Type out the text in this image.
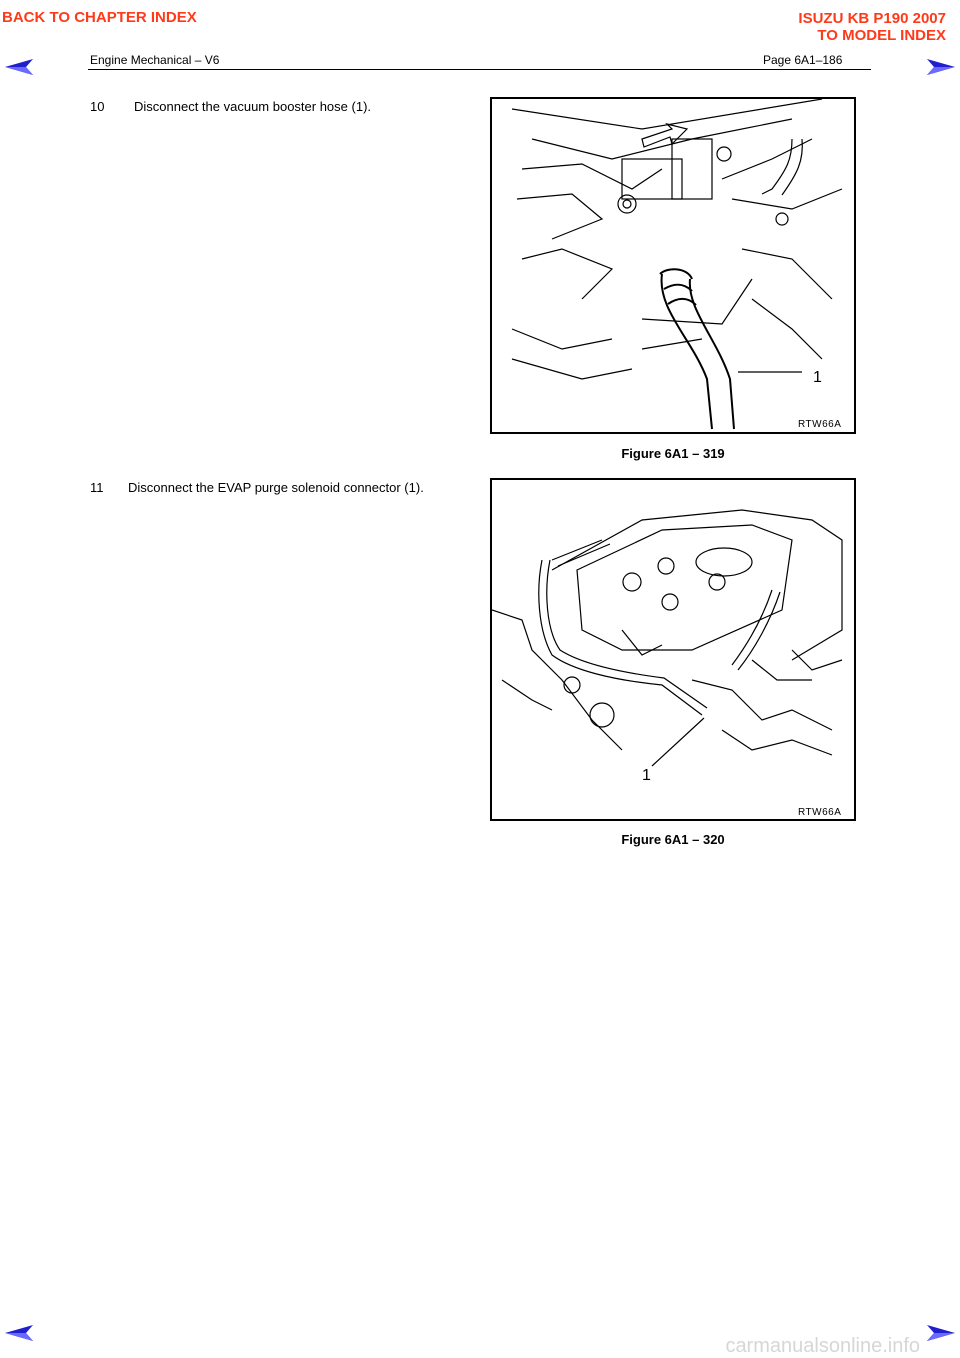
BACK TO CHAPTER INDEX	ISUZU KB P190 2007
TO MODEL INDEX
Engine Mechanical – V6	Page 6A1–186
10 Disconnect the vacuum booster hose (1).
1
RTW66A
Figure 6A1 – 319
11 Disconnect the EVAP purge solenoid connector (1).
1
RTW66A
Figure 6A1 – 320
carmanualsonline.info
